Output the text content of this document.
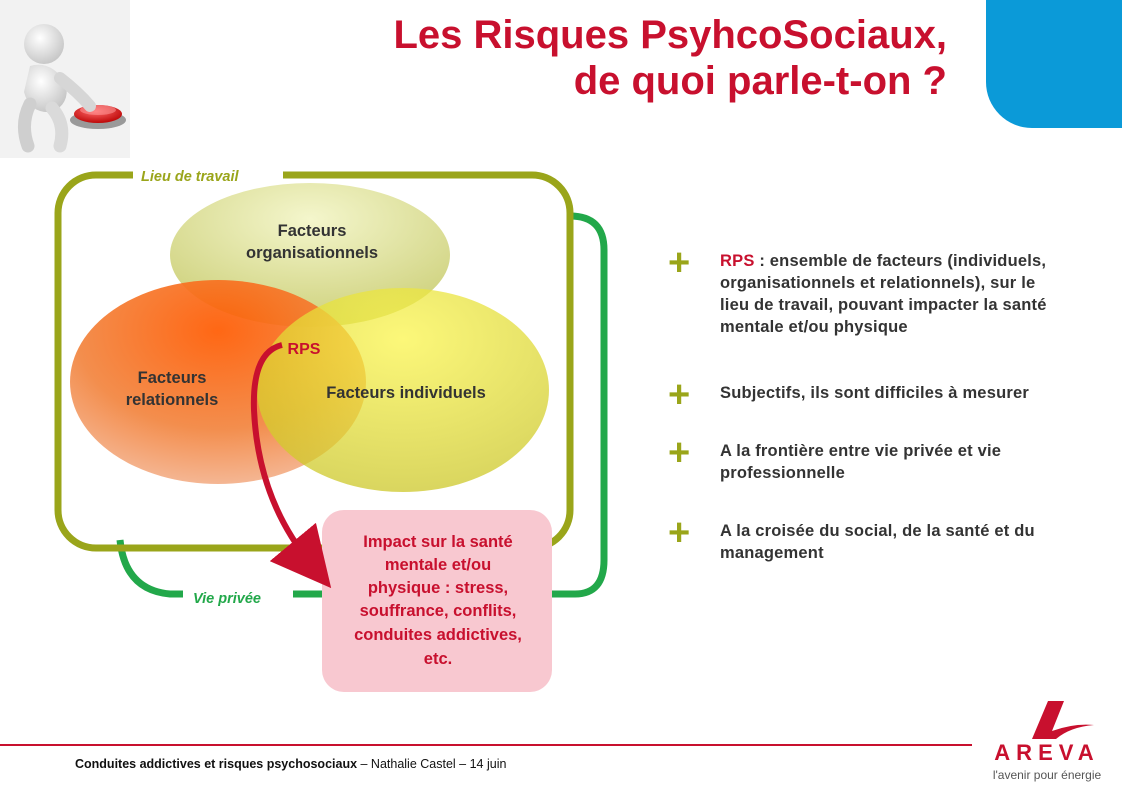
Les Risques PsyhcoSociaux,
de quoi parle-t-on ?
Lieu de travail
Vie privée
Facteurs
organisationnels
Facteurs
relationnels	Facteurs individuels
RPS
Impact sur la santé
mentale et/ou
physique : stress,
souffrance, conflits,
conduites addictives,
etc.
+ RPS : ensemble de facteurs (individuels, organisationnels et relationnels), sur le lieu de travail, pouvant impacter la santé mentale et/ou physique
+ Subjectifs, ils sont difficiles à mesurer
+ A la frontière entre vie privée et vie professionnelle
+ A la croisée du social, de la santé et du management
Conduites addictives et risques psychosociaux – Nathalie Castel – 14 juin	AREVA
l'avenir pour énergie
